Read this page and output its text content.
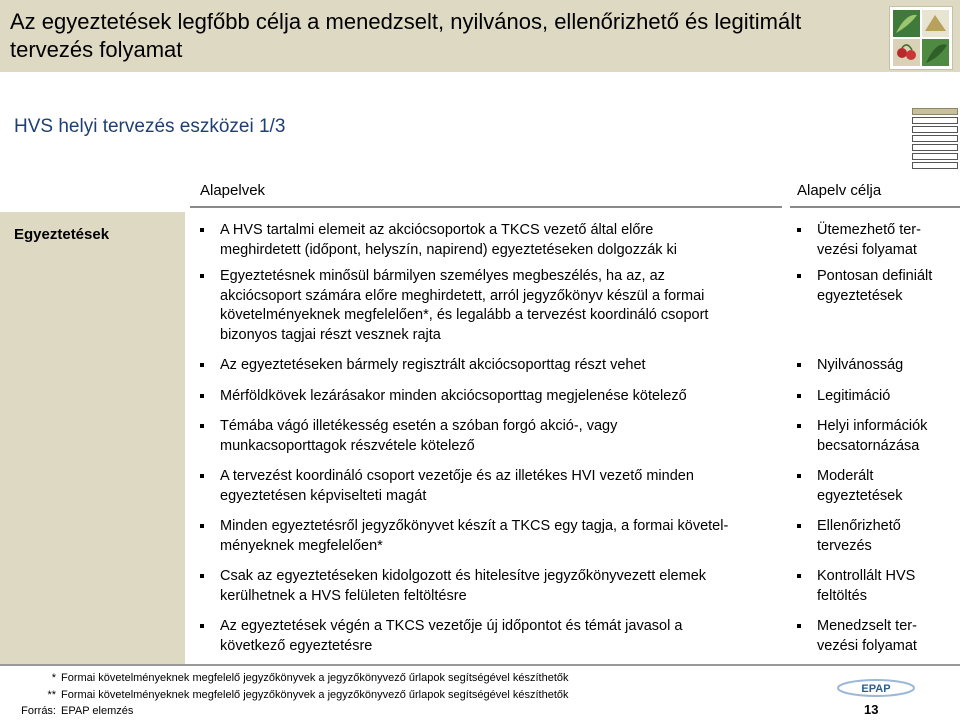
Az egyeztetések legfőbb célja a menedzselt, nyilvános, ellenőrizhető és legitimált
tervezés folyamat
HVS helyi tervezés eszközei 1/3
Alapelvek	Alapelv célja
Egyeztetések	A HVS tartalmi elemeit az akciócsoportok a TKCS vezető által előre
meghirdetett (időpont, helyszín, napirend) egyeztetéseken dolgozzák ki
Egyeztetésnek minősül bármilyen személyes megbeszélés, ha az, az
akciócsoport számára előre meghirdetett, arról jegyzőkönyv készül a formai
követelményeknek megfelelően*, és legalább a tervezést koordináló csoport
bizonyos tagjai részt vesznek rajta
Az egyeztetéseken bármely regisztrált akciócsoporttag részt vehet
Mérföldkövek lezárásakor minden akciócsoporttag megjelenése kötelező
Témába vágó illetékesség esetén a szóban forgó akció-, vagy
munkacsoporttagok részvétele kötelező
A tervezést koordináló csoport vezetője és az illetékes HVI vezető minden
egyeztetésen képviselteti magát
Minden egyeztetésről jegyzőkönyvet készít a TKCS egy tagja, a formai követel-
ményeknek megfelelően*
Csak az egyeztetéseken kidolgozott és hitelesítve jegyzőkönyvezett elemek
kerülhetnek a HVS felületen feltöltésre
Az egyeztetések végén a TKCS vezetője új időpontot és témát javasol a
következő egyeztetésre
Ütemezhető ter-
vezési folyamat
Pontosan definiált
egyeztetések
Nyilvánosság
Legitimáció
Helyi információk
becsatornázása
Moderált
egyeztetések
Ellenőrizhető
tervezés
Kontrollált HVS
feltöltés
Menedzselt ter-
vezési folyamat
* Formai követelményeknek megfelelő jegyzőkönyvek a jegyzőkönyvező űrlapok segítségével készíthetők
** Formai követelményeknek megfelelő jegyzőkönyvek a jegyzőkönyvező űrlapok segítségével készíthetők
Forrás: EPAP elemzés
EPAP
13
